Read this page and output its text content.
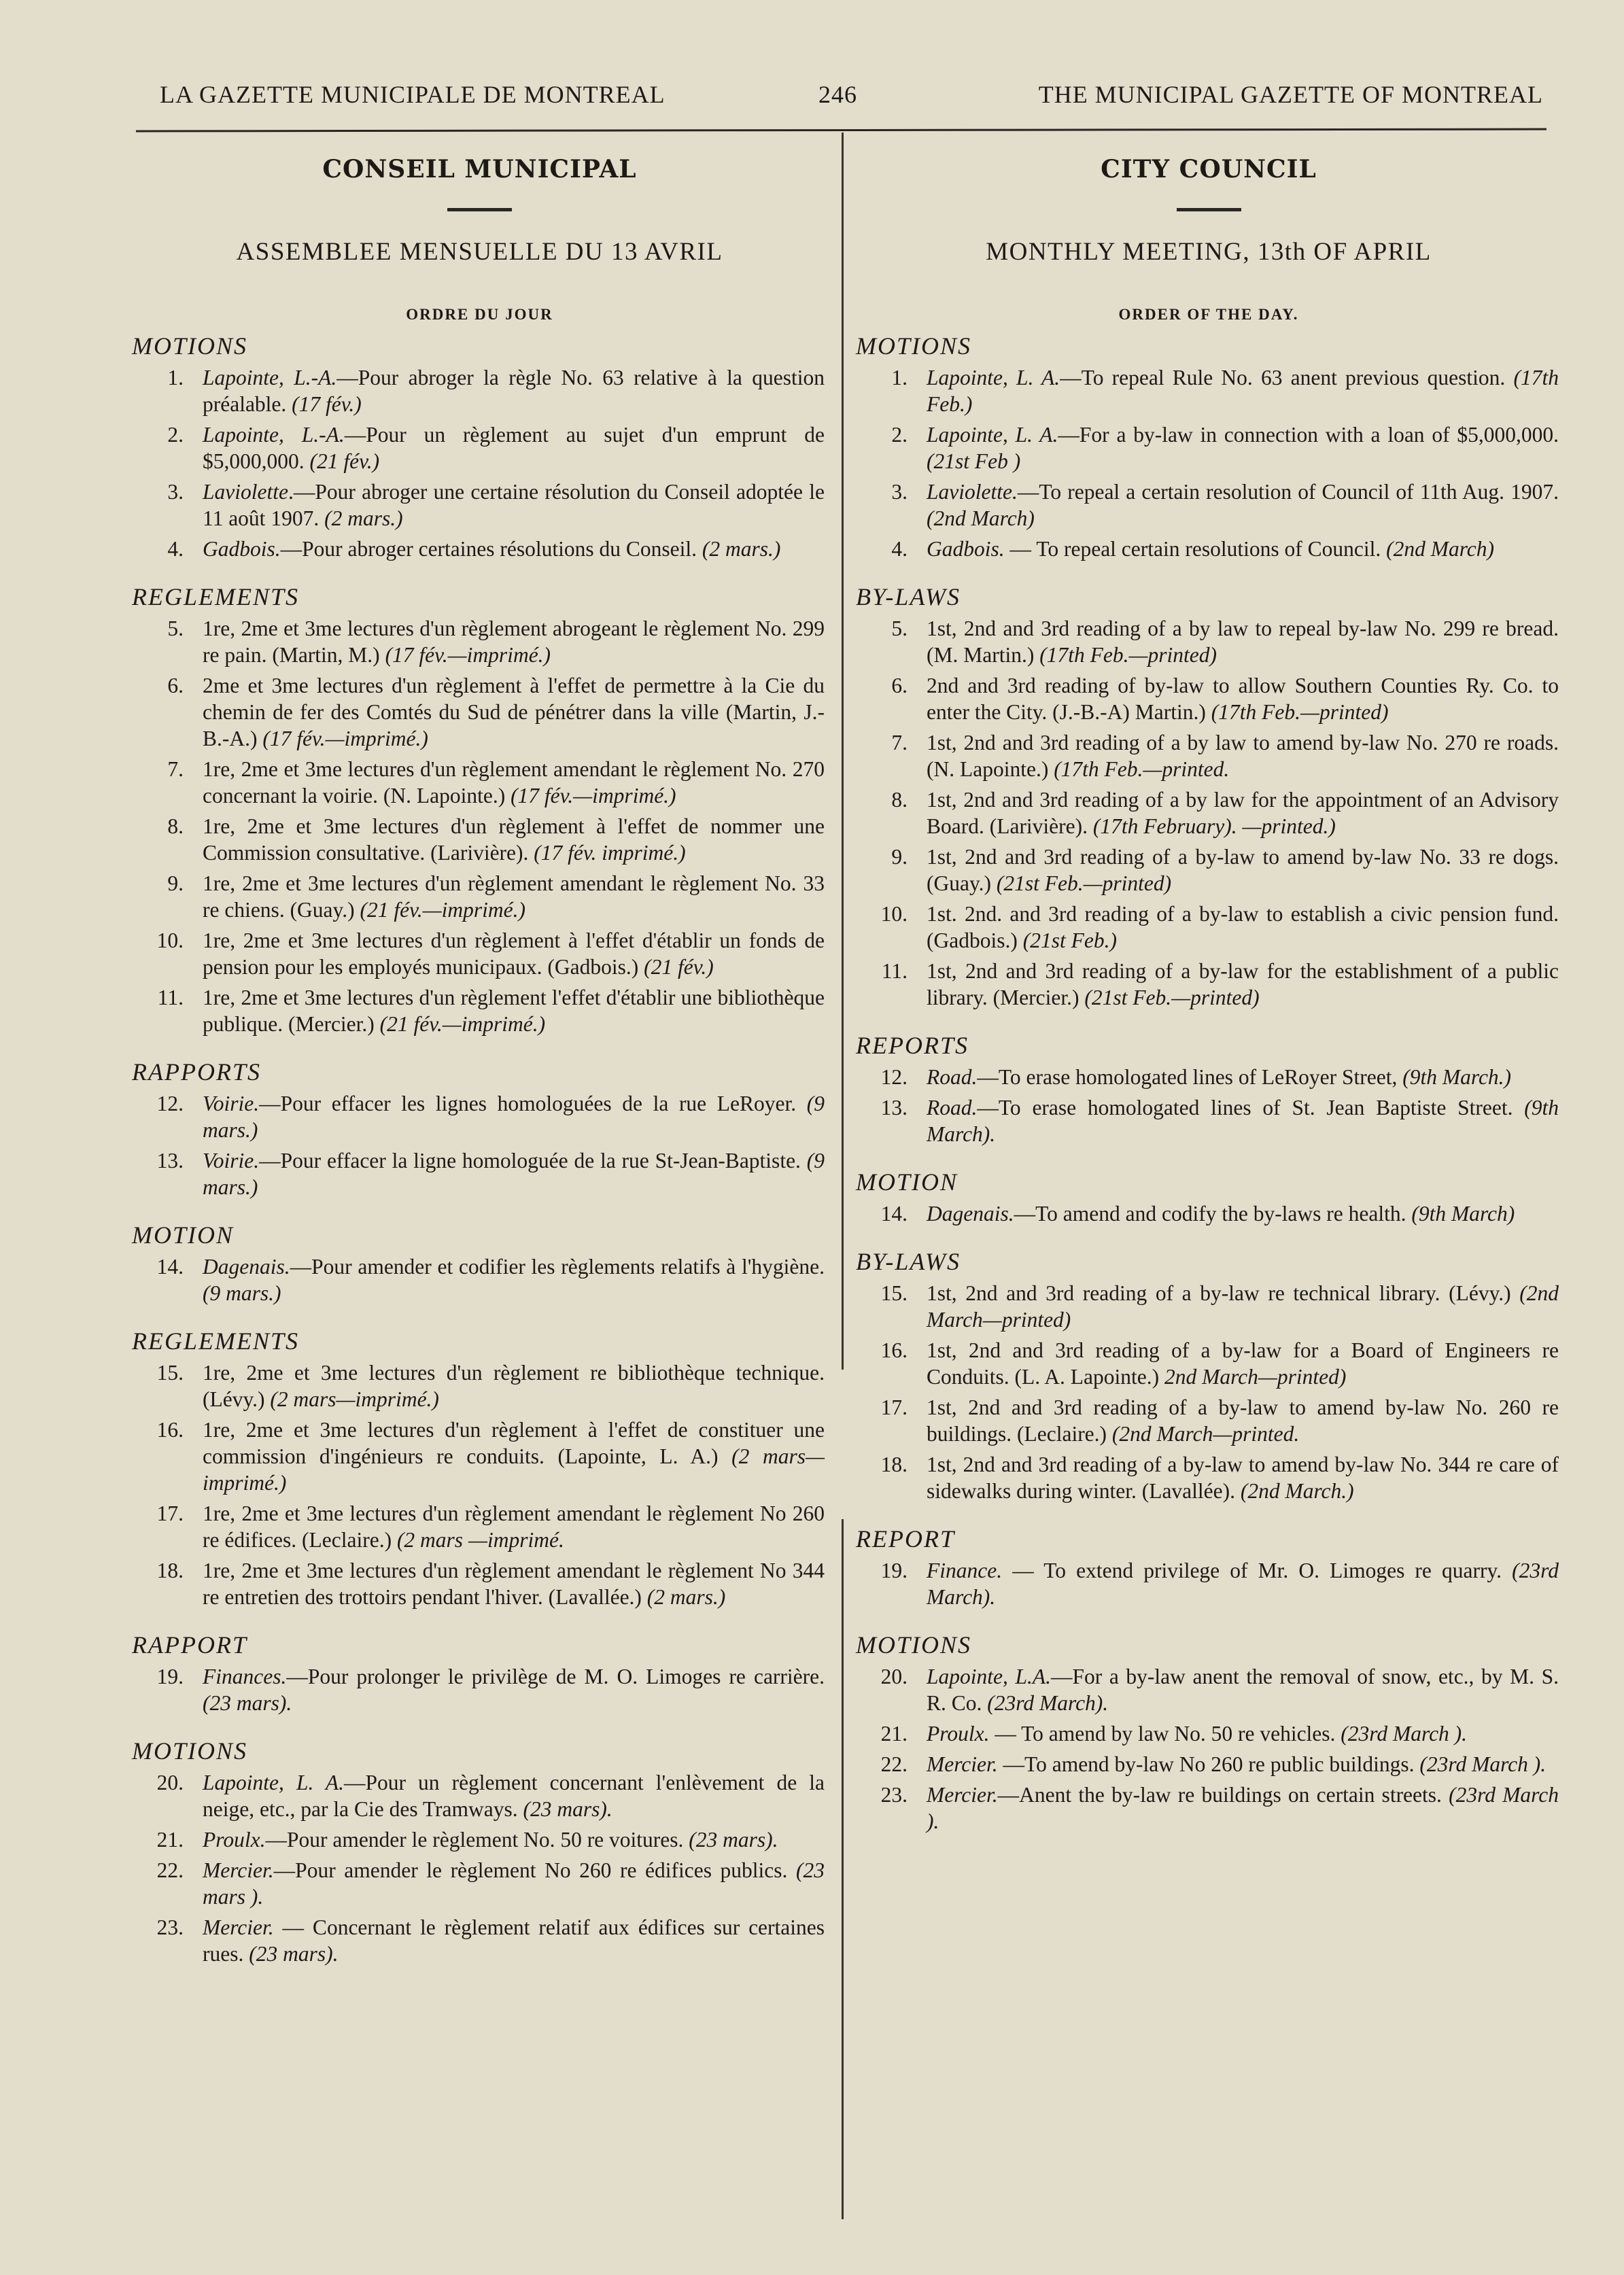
LA GAZETTE MUNICIPALE DE MONTREAL	246	THE MUNICIPAL GAZETTE OF MONTREAL
CONSEIL MUNICIPAL
ASSEMBLEE MENSUELLE DU 13 AVRIL
ORDRE DU JOUR
MOTIONS
1. Lapointe, L.-A.—Pour abroger la règle No. 63 relative à la question préalable. (17 fév.)
2. Lapointe, L.-A.—Pour un règlement au sujet d'un emprunt de $5,000,000. (21 fév.)
3. Laviolette.—Pour abroger une certaine résolution du Conseil adoptée le 11 août 1907. (2 mars.)
4. Gadbois.—Pour abroger certaines résolutions du Conseil. (2 mars.)
REGLEMENTS
5. 1re, 2me et 3me lectures d'un règlement abrogeant le règlement No. 299 re pain. (Martin, M.) (17 fév.—imprimé.)
6. 2me et 3me lectures d'un règlement à l'effet de permettre à la Cie du chemin de fer des Comtés du Sud de pénétrer dans la ville (Martin, J.-B.-A.) (17 fév.—imprimé.)
7. 1re, 2me et 3me lectures d'un règlement amendant le règlement No. 270 concernant la voirie. (N. Lapointe.) (17 fév.—imprimé.)
8. 1re, 2me et 3me lectures d'un règlement à l'effet de nommer une Commission consultative. (Larivière). (17 fév. imprimé.)
9. 1re, 2me et 3me lectures d'un règlement amendant le règlement No. 33 re chiens. (Guay.) (21 fév.—imprimé.)
10. 1re, 2me et 3me lectures d'un règlement à l'effet d'établir un fonds de pension pour les employés municipaux. (Gadbois.) (21 fév.)
11. 1re, 2me et 3me lectures d'un règlement l'effet d'établir une bibliothèque publique. (Mercier.) (21 fév.—imprimé.)
RAPPORTS
12. Voirie.—Pour effacer les lignes homologuées de la rue LeRoyer. (9 mars.)
13. Voirie.—Pour effacer la ligne homologuée de la rue St-Jean-Baptiste. (9 mars.)
MOTION
14. Dagenais.—Pour amender et codifier les règlements relatifs à l'hygiène. (9 mars.)
REGLEMENTS
15. 1re, 2me et 3me lectures d'un règlement re bibliothèque technique. (Lévy.) (2 mars—imprimé.)
16. 1re, 2me et 3me lectures d'un règlement à l'effet de constituer une commission d'ingénieurs re conduits. (Lapointe, L. A.) (2 mars—imprimé.)
17. 1re, 2me et 3me lectures d'un règlement amendant le règlement No 260 re édifices. (Leclaire.) (2 mars —imprimé.
18. 1re, 2me et 3me lectures d'un règlement amendant le règlement No 344 re entretien des trottoirs pendant l'hiver. (Lavallée.) (2 mars.)
RAPPORT
19. Finances.—Pour prolonger le privilège de M. O. Limoges re carrière. (23 mars).
MOTIONS
20. Lapointe, L. A.—Pour un règlement concernant l'enlèvement de la neige, etc., par la Cie des Tramways. (23 mars).
21. Proulx.—Pour amender le règlement No. 50 re voitures. (23 mars).
22. Mercier.—Pour amender le règlement No 260 re édifices publics. (23 mars ).
23. Mercier. — Concernant le règlement relatif aux édifices sur certaines rues. (23 mars).
CITY COUNCIL
MONTHLY MEETING, 13th OF APRIL
ORDER OF THE DAY.
MOTIONS
1. Lapointe, L. A.—To repeal Rule No. 63 anent previous question. (17th Feb.)
2. Lapointe, L. A.—For a by-law in connection with a loan of $5,000,000. (21st Feb )
3. Laviolette.—To repeal a certain resolution of Council of 11th Aug. 1907. (2nd March)
4. Gadbois. — To repeal certain resolutions of Council. (2nd March)
BY-LAWS
5. 1st, 2nd and 3rd reading of a by law to repeal by-law No. 299 re bread. (M. Martin.) (17th Feb.—printed)
6. 2nd and 3rd reading of by-law to allow Southern Counties Ry. Co. to enter the City. (J.-B.-A) Martin.) (17th Feb.—printed)
7. 1st, 2nd and 3rd reading of a by law to amend by-law No. 270 re roads. (N. Lapointe.) (17th Feb.—printed.
8. 1st, 2nd and 3rd reading of a by law for the appointment of an Advisory Board. (Larivière). (17th February). —printed.)
9. 1st, 2nd and 3rd reading of a by-law to amend by-law No. 33 re dogs. (Guay.) (21st Feb.—printed)
10. 1st. 2nd. and 3rd reading of a by-law to establish a civic pension fund. (Gadbois.) (21st Feb.)
11. 1st, 2nd and 3rd reading of a by-law for the establishment of a public library. (Mercier.) (21st Feb.—printed)
REPORTS
12. Road.—To erase homologated lines of LeRoyer Street, (9th March.)
13. Road.—To erase homologated lines of St. Jean Baptiste Street. (9th March).
MOTION
14. Dagenais.—To amend and codify the by-laws re health. (9th March)
BY-LAWS
15. 1st, 2nd and 3rd reading of a by-law re technical library. (Lévy.) (2nd March—printed)
16. 1st, 2nd and 3rd reading of a by-law for a Board of Engineers re Conduits. (L. A. Lapointe.) 2nd March—printed)
17. 1st, 2nd and 3rd reading of a by-law to amend by-law No. 260 re buildings. (Leclaire.) (2nd March—printed.
18. 1st, 2nd and 3rd reading of a by-law to amend by-law No. 344 re care of sidewalks during winter. (Lavallée). (2nd March.)
REPORT
19. Finance. — To extend privilege of Mr. O. Limoges re quarry. (23rd March).
MOTIONS
20. Lapointe, L.A.—For a by-law anent the removal of snow, etc., by M. S. R. Co. (23rd March).
21. Proulx. — To amend by law No. 50 re vehicles. (23rd March ).
22. Mercier. —To amend by-law No 260 re public buildings. (23rd March ).
23. Mercier.—Anent the by-law re buildings on certain streets. (23rd March ).
